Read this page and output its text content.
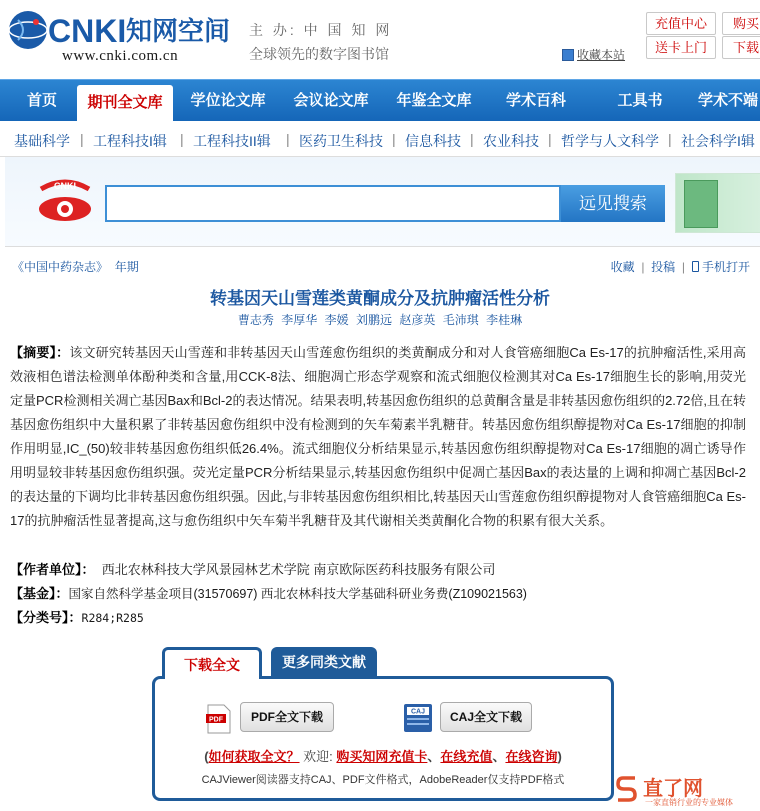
CNKI 知网空间
www.cnki.com.cn
主 办: 中 国 知 网
全球领先的数字图书馆
充值中心	购买
送卡上门	下载
收藏本站
首页	期刊全文库	学位论文库	会议论文库	年鉴全文库	学术百科	工具书	学术不端
基础科学 | 工程科技I辑 | 工程科技II辑 | 医药卫生科技 | 信息科技 | 农业科技 | 哲学与人文科学 | 社会科学I辑
CNKI
远见搜索
《中国中药杂志》 年期	收藏  |  投稿  |   手机打开
转基因天山雪莲类黄酮成分及抗肿瘤活性分析
曹志秀 李厚华 李媛 刘鹏远 赵彦英 毛沛琪 李桂琳
【摘要】：该文研究转基因天山雪莲和非转基因天山雪莲愈伤组织的类黄酮成分和对人食管癌细胞Ca Es-17的抗肿瘤活性,采用高效液相色谱法检测单体酚种类和含量,用CCK-8法、细胞凋亡形态学观察和流式细胞仪检测其对Ca Es-17细胞生长的影响,用荧光定量PCR检测相关凋亡基因Bax和Bcl-2的表达情况。结果表明,转基因愈伤组织的总黄酮含量是非转基因愈伤组织的2.72倍,且在转基因愈伤组织中大量积累了非转基因愈伤组织中没有检测到的矢车菊素半乳糖苷。转基因愈伤组织醇提物对Ca Es-17细胞的抑制作用明显,IC_(50)较非转基因愈伤组织低26.4%。流式细胞仪分析结果显示,转基因愈伤组织醇提物对Ca Es-17细胞的凋亡诱导作用明显较非转基因愈伤组织强。荧光定量PCR分析结果显示,转基因愈伤组织中促凋亡基因Bax的表达量的上调和抑凋亡基因Bcl-2的表达量的下调均比非转基因愈伤组织强。因此,与非转基因愈伤组织相比,转基因天山雪莲愈伤组织醇提物对人食管癌细胞Ca Es-17的抗肿瘤活性显著提高,这与愈伤组织中矢车菊半乳糖苷及其代谢相关类黄酮化合物的积累有很大关系。
【作者单位】： 西北农林科技大学风景园林艺术学院 南京欧际医药科技服务有限公司
【基金】：国家自然科学基金项目(31570697) 西北农林科技大学基础科研业务费(Z109021563)
【分类号】：R284;R285
下载全文	更多同类文献
PDF	PDF全文下载	CAJ	CAJ全文下载
(如何获取全文？ 欢迎: 购买知网充值卡、在线充值、在线咨询)
CAJViewer阅读器支持CAJ、PDF文件格式，AdobeReader仅支持PDF格式	直了网
一家直销行业的专业媒体
